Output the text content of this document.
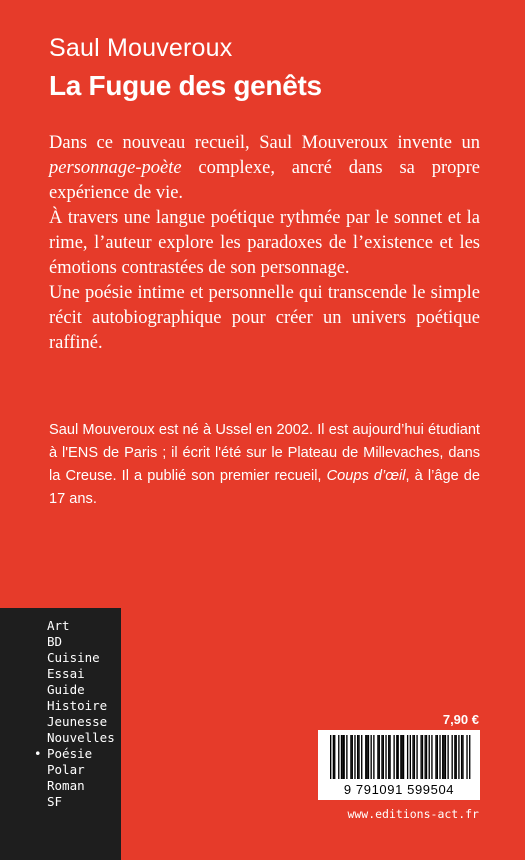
Saul Mouveroux
La Fugue des genêts

Dans ce nouveau recueil, Saul Mouveroux invente un personnage-poète complexe, ancré dans sa propre expérience de vie.

À travers une langue poétique rythmée par le sonnet et la rime, l’auteur explore les paradoxes de l’existence et les émotions contrastées de son personnage.

Une poésie intime et personnelle qui transcende le simple récit autobiographique pour créer un univers poétique raffiné.

Saul Mouveroux est né à Ussel en 2002. Il est aujourd’hui étudiant à l'ENS de Paris ; il écrit l'été sur le Plateau de Millevaches, dans la Creuse. Il a publié son premier recueil, Coups d’œil, à l’âge de 17 ans.

Art
BD
Cuisine
Essai
Guide
Histoire
Jeunesse
Nouvelles
• Poésie
Polar
Roman
SF
7,90 €
9 791091 599504
www.editions-act.fr
